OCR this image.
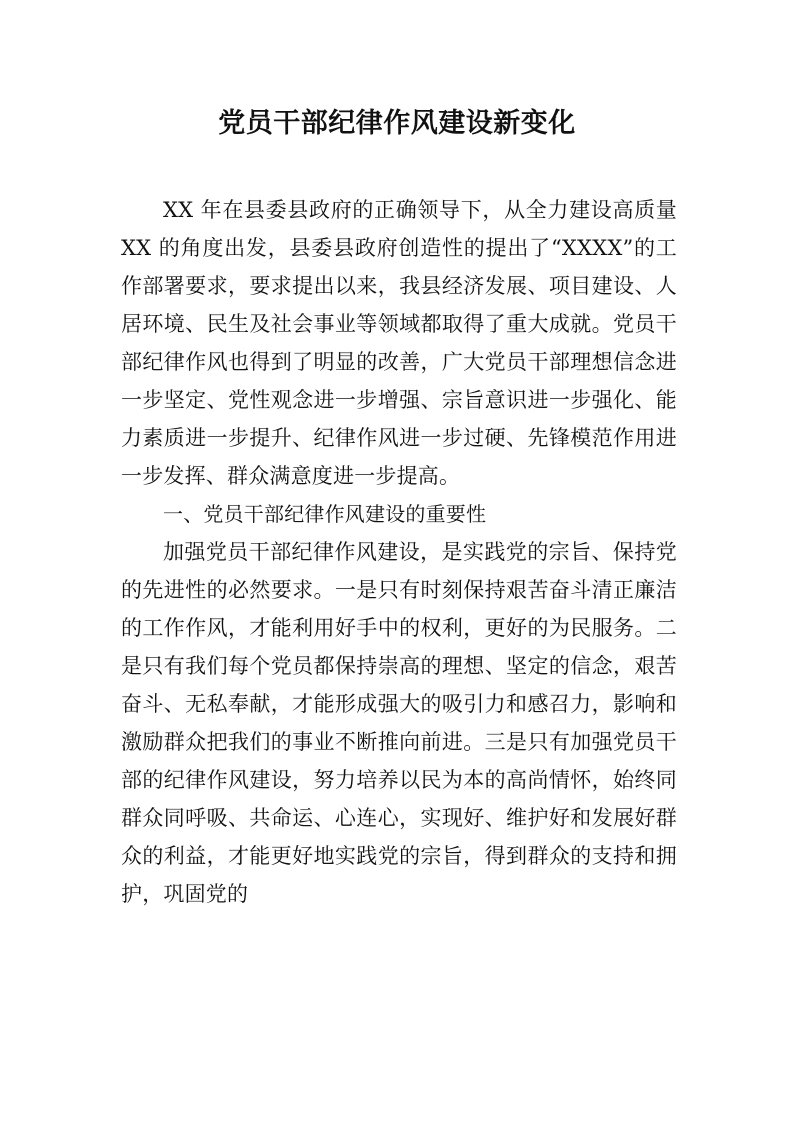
党员干部纪律作风建设新变化

XX 年在县委县政府的正确领导下，从全力建设高质量 XX 的角度出发，县委县政府创造性的提出了“XXXX”的工作部署要求，要求提出以来，我县经济发展、项目建设、人居环境、民生及社会事业等领域都取得了重大成就。党员干部纪律作风也得到了明显的改善，广大党员干部理想信念进一步坚定、党性观念进一步增强、宗旨意识进一步强化、能力素质进一步提升、纪律作风进一步过硬、先锋模范作用进一步发挥、群众满意度进一步提高。

一、党员干部纪律作风建设的重要性

加强党员干部纪律作风建设，是实践党的宗旨、保持党的先进性的必然要求。一是只有时刻保持艰苦奋斗清正廉洁的工作作风，才能利用好手中的权利，更好的为民服务。二是只有我们每个党员都保持崇高的理想、坚定的信念，艰苦奋斗、无私奉献，才能形成强大的吸引力和感召力，影响和激励群众把我们的事业不断推向前进。三是只有加强党员干部的纪律作风建设，努力培养以民为本的高尚情怀，始终同群众同呼吸、共命运、心连心，实现好、维护好和发展好群众的利益，才能更好地实践党的宗旨，得到群众的支持和拥护，巩固党的
